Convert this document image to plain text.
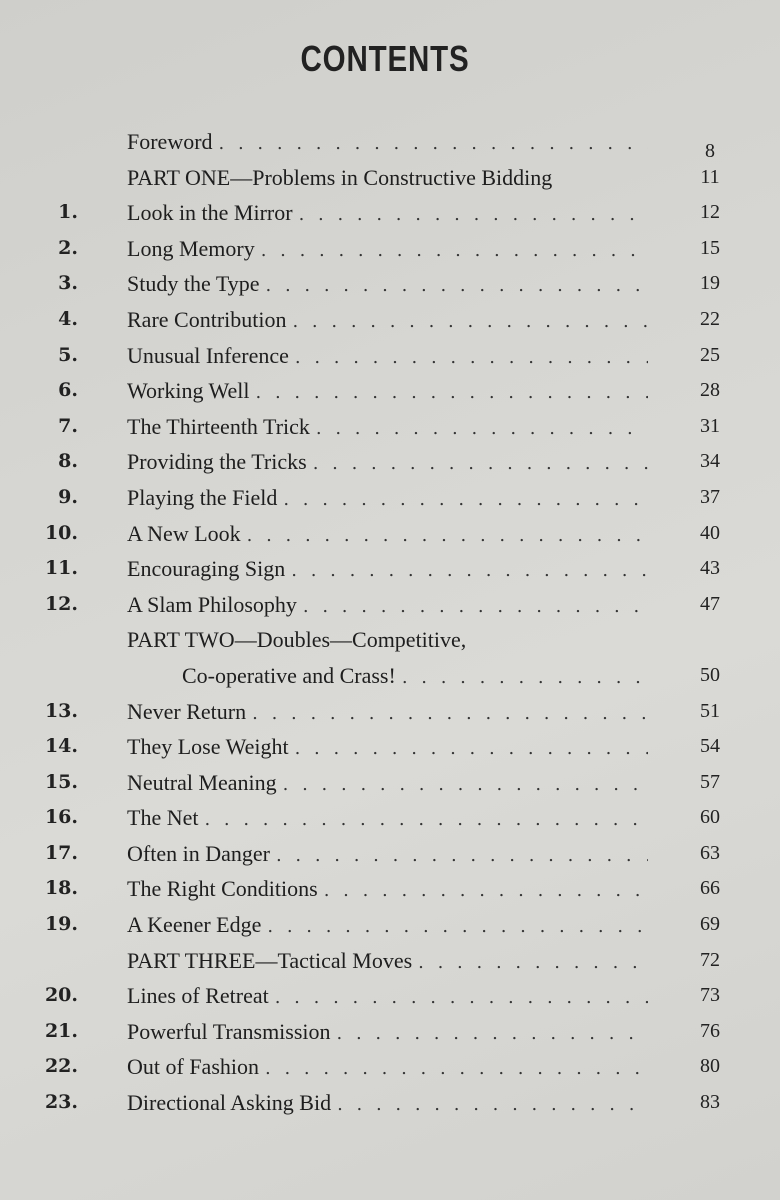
CONTENTS
Foreword . . .	8
PART ONE—Problems in Constructive Bidding	11
1. Look in the Mirror . . .	12
2. Long Memory . . .	15
3. Study the Type . . .	19
4. Rare Contribution . . .	22
5. Unusual Inference . . .	25
6. Working Well . . .	28
7. The Thirteenth Trick . . .	31
8. Providing the Tricks . . .	34
9. Playing the Field . . .	37
10. A New Look . . .	40
11. Encouraging Sign . . .	43
12. A Slam Philosophy . . .	47
PART TWO—Doubles—Competitive,
Co-operative and Crass! . . .	50
13. Never Return . . .	51
14. They Lose Weight . . .	54
15. Neutral Meaning . . .	57
16. The Net . . .	60
17. Often in Danger . . .	63
18. The Right Conditions . . .	66
19. A Keener Edge . . .	69
PART THREE—Tactical Moves . . .	72
20. Lines of Retreat . . .	73
21. Powerful Transmission . . .	76
22. Out of Fashion . . .	80
23. Directional Asking Bid . . .	83
